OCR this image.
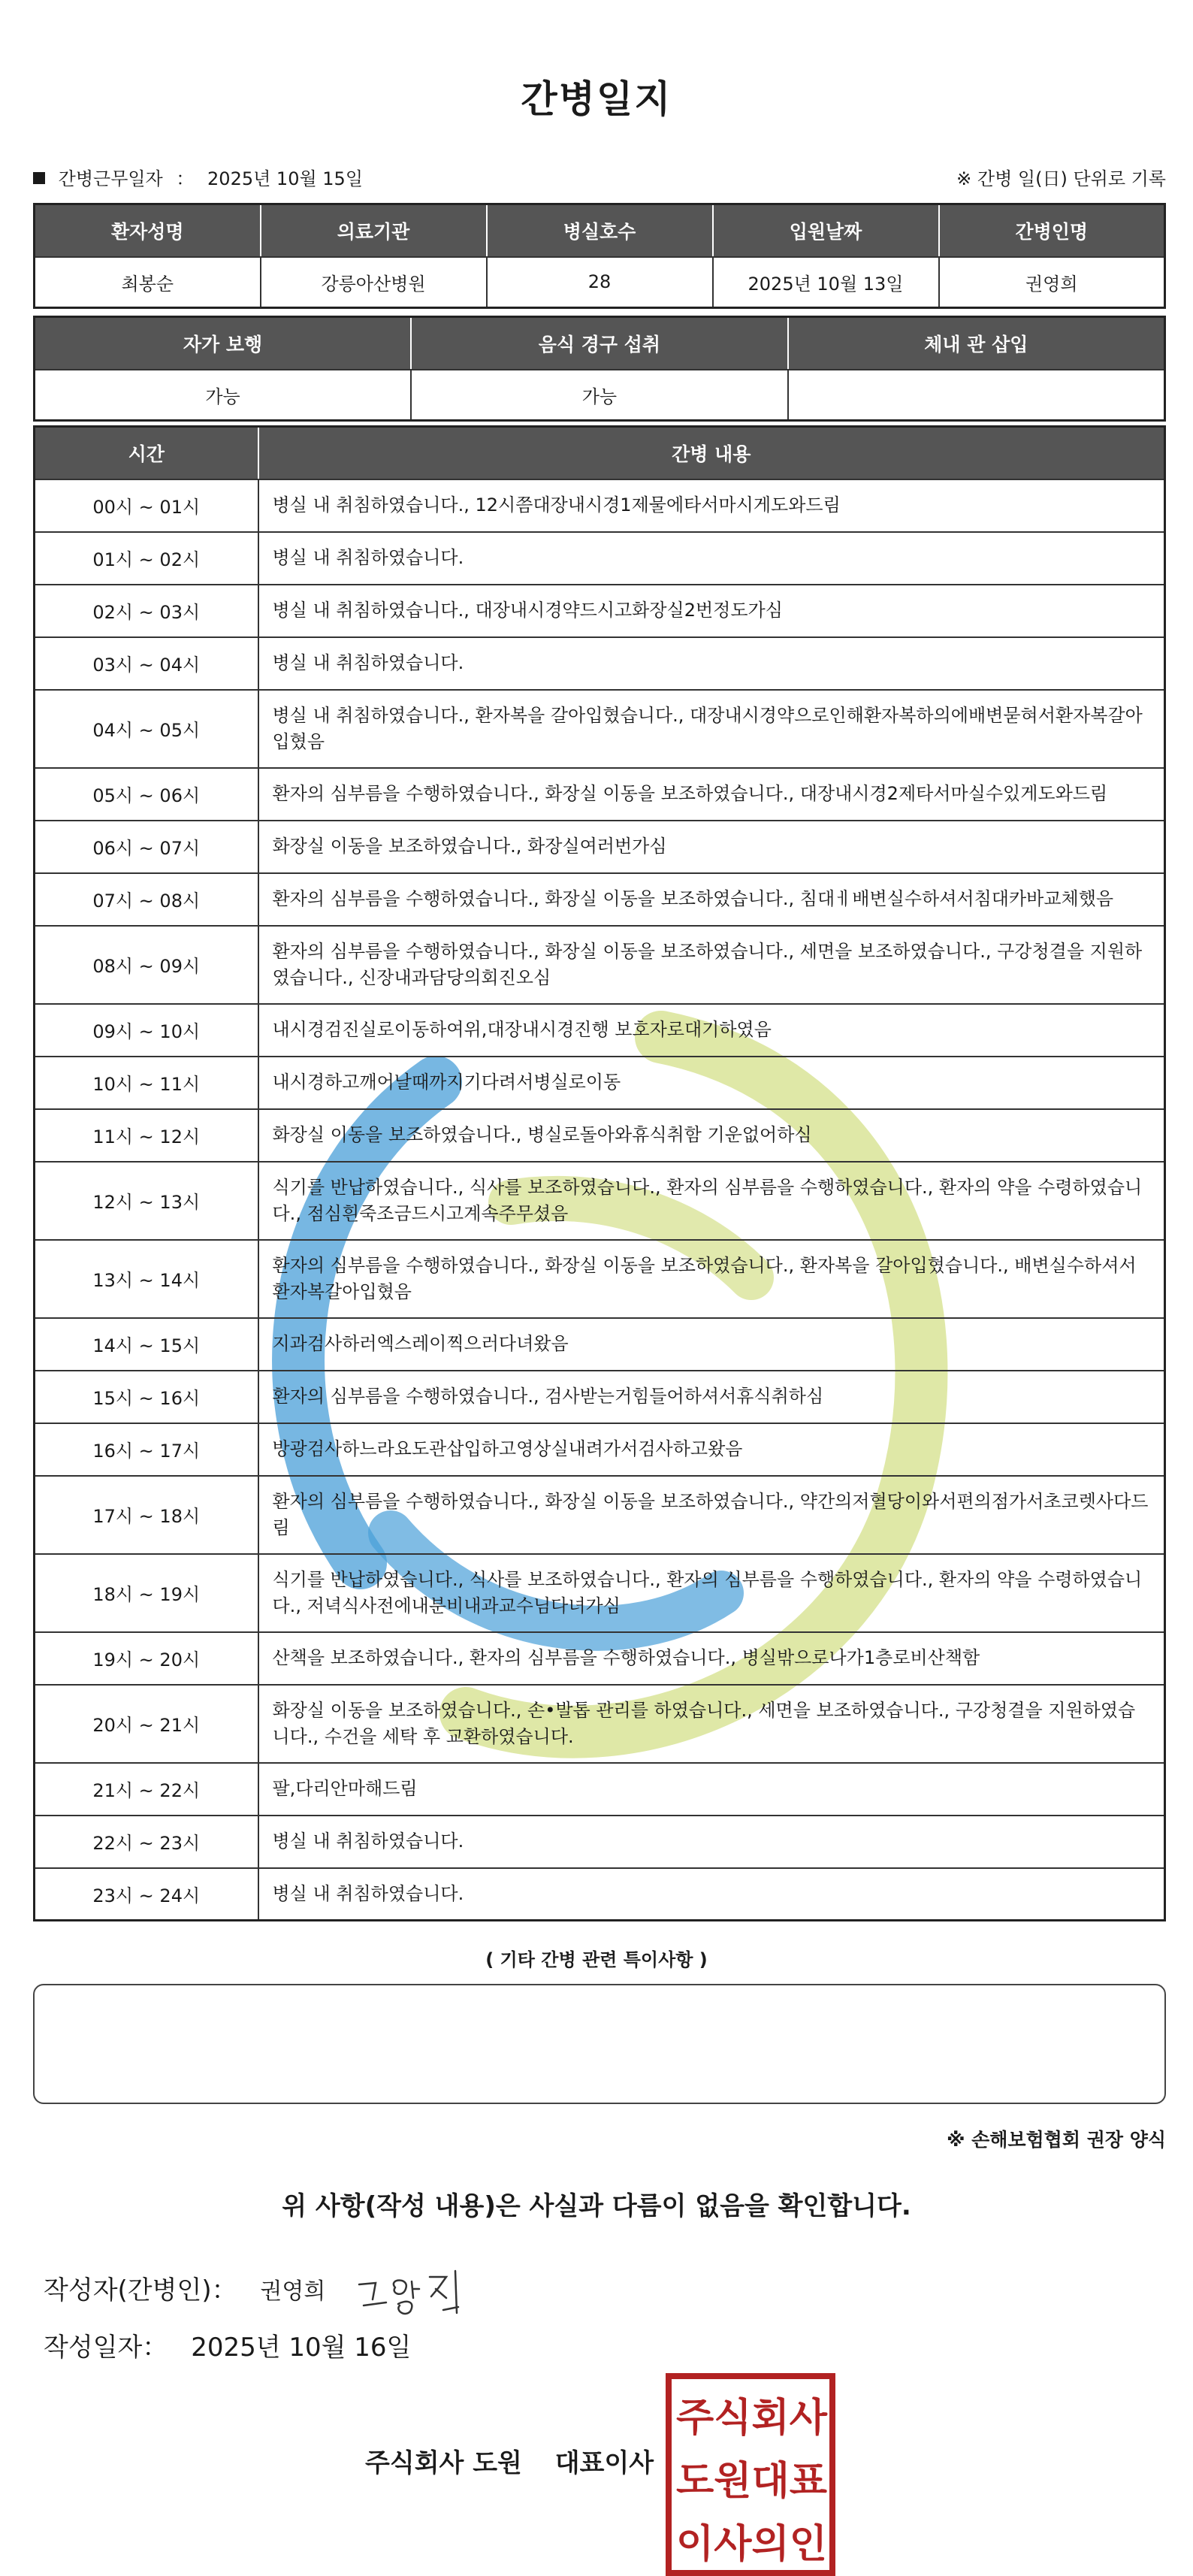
간병일지
간병근무일자 ： 2025년 10월 15일	※ 간병 일(日) 단위로 기록
환자성명	의료기관	병실호수	입원날짜	간병인명
최봉순	강릉아산병원	28	2025년 10월 13일	권영희
자가 보행	음식 경구 섭취	체내 관 삽입
가능	가능	
시간	간병 내용
00시 ~ 01시	병실 내 취침하였습니다., 12시쯤대장내시경1제물에타서마시게도와드림
01시 ~ 02시	병실 내 취침하였습니다.
02시 ~ 03시	병실 내 취침하였습니다., 대장내시경약드시고화장실2번정도가심
03시 ~ 04시	병실 내 취침하였습니다.
04시 ~ 05시	병실 내 취침하였습니다., 환자복을 갈아입혔습니다., 대장내시경약으로인해환자복하의에배변묻혀서환자복갈아입혔음
05시 ~ 06시	환자의 심부름을 수행하였습니다., 화장실 이동을 보조하였습니다., 대장내시경2제타서마실수있게도와드림
06시 ~ 07시	화장실 이동을 보조하였습니다., 화장실여러번가심
07시 ~ 08시	환자의 심부름을 수행하였습니다., 화장실 이동을 보조하였습니다., 침대ㅔ배변실수하셔서침대카바교체했음
08시 ~ 09시	환자의 심부름을 수행하였습니다., 화장실 이동을 보조하였습니다., 세면을 보조하였습니다., 구강청결을 지원하였습니다., 신장내과담당의회진오심
09시 ~ 10시	내시경검진실로이동하여위,대장내시경진행 보호자로대기하였음
10시 ~ 11시	내시경하고깨어날때까지기다려서병실로이동
11시 ~ 12시	화장실 이동을 보조하였습니다., 병실로돌아와휴식취함 기운없어하심
12시 ~ 13시	식기를 반납하였습니다., 식사를 보조하였습니다., 환자의 심부름을 수행하였습니다., 환자의 약을 수령하였습니다., 점심흰죽조금드시고계속주무셨음
13시 ~ 14시	환자의 심부름을 수행하였습니다., 화장실 이동을 보조하였습니다., 환자복을 갈아입혔습니다., 배변실수하셔서환자복갈아입혔음
14시 ~ 15시	지과검사하러엑스레이찍으러다녀왔음
15시 ~ 16시	환자의 심부름을 수행하였습니다., 검사받는거힘들어하셔서휴식취하심
16시 ~ 17시	방광검사하느라요도관삽입하고영상실내려가서검사하고왔음
17시 ~ 18시	환자의 심부름을 수행하였습니다., 화장실 이동을 보조하였습니다., 약간의저혈당이와서편의점가서초코렛사다드림
18시 ~ 19시	식기를 반납하였습니다., 식사를 보조하였습니다., 환자의 심부름을 수행하였습니다., 환자의 약을 수령하였습니다., 저녁식사전에내분비내과교수님다녀가심
19시 ~ 20시	산책을 보조하였습니다., 환자의 심부름을 수행하였습니다., 병실밖으로나가1층로비산책함
20시 ~ 21시	화장실 이동을 보조하였습니다., 손•발톱 관리를 하였습니다., 세면을 보조하였습니다., 구강청결을 지원하였습니다., 수건을 세탁 후 교환하였습니다.
21시 ~ 22시	팔,다리안마해드림
22시 ~ 23시	병실 내 취침하였습니다.
23시 ~ 24시	병실 내 취침하였습니다.
( 기타 간병 관련 특이사항 )
※ 손해보험협회 권장 양식
위 사항(작성 내용)은 사실과 다름이 없음을 확인합니다.
작성자(간병인)： 권영희
작성일자： 2025년 10월 16일
주식회사 도원 대표이사
주 식 회 사
도 원 대 표
이 사 의 인
